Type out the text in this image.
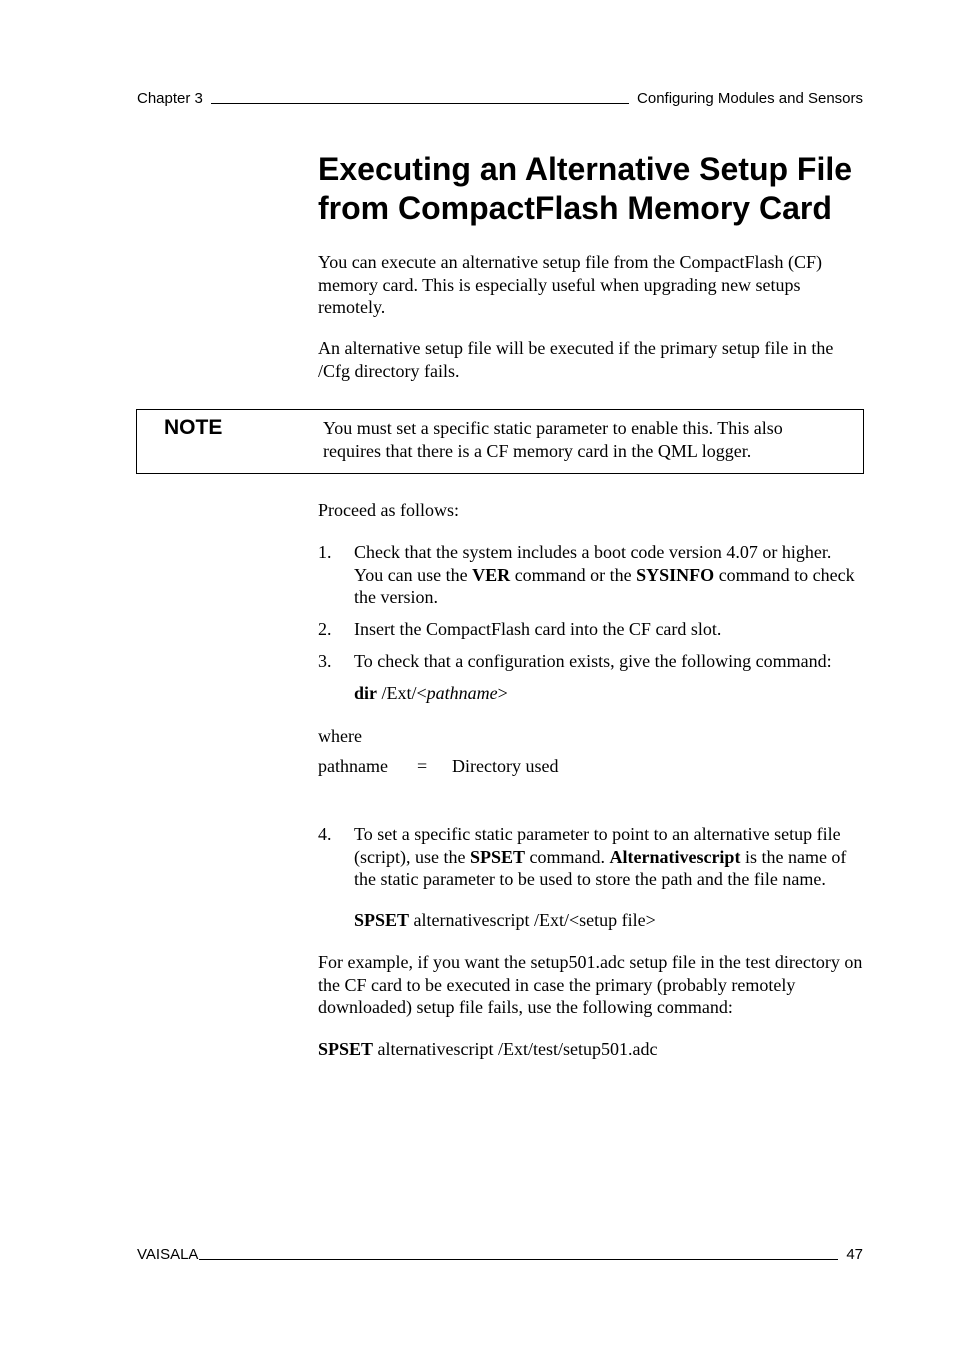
Chapter 3	Configuring Modules and Sensors
Executing an Alternative Setup File
from CompactFlash Memory Card

You can execute an alternative setup file from the CompactFlash (CF) memory card. This is especially useful when upgrading new setups remotely.

An alternative setup file will be executed if the primary setup file in the /Cfg directory fails.

NOTE	You must set a specific static parameter to enable this. This also requires that there is a CF memory card in the QML logger.

Proceed as follows:

1. Check that the system includes a boot code version 4.07 or higher. You can use the VER command or the SYSINFO command to check the version.
2. Insert the CompactFlash card into the CF card slot.
3. To check that a configuration exists, give the following command:
dir /Ext/<pathname>

where

pathname = Directory used
4. To set a specific static parameter to point to an alternative setup file (script), use the SPSET command. Alternativescript is the name of the static parameter to be used to store the path and the file name.
SPSET alternativescript /Ext/<setup file>

For example, if you want the setup501.adc setup file in the test directory on the CF card to be executed in case the primary (probably remotely downloaded) setup file fails, use the following command:

SPSET alternativescript /Ext/test/setup501.adc
VAISALA	47
